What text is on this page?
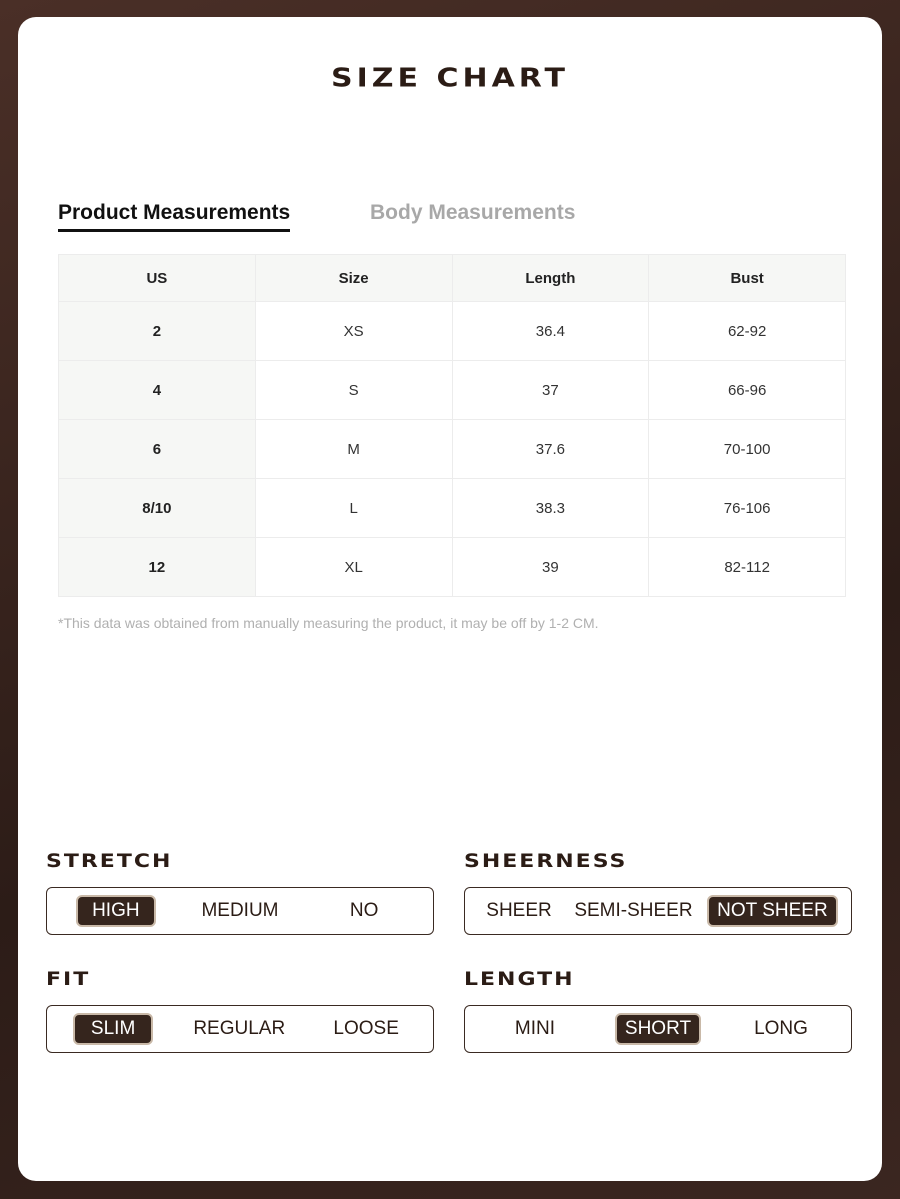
SIZE CHART
Product Measurements	Body Measurements
US	Size	Length	Bust
2	XS	36.4	62-92
4	S	37	66-96
6	M	37.6	70-100
8/10	L	38.3	76-106
12	XL	39	82-112
*This data was obtained from manually measuring the product, it may be off by 1-2 CM.
STRETCH
HIGH	MEDIUM	NO
SHEERNESS
SHEER	SEMI-SHEER	NOT SHEER
FIT
SLIM	REGULAR	LOOSE
LENGTH
MINI	SHORT	LONG
